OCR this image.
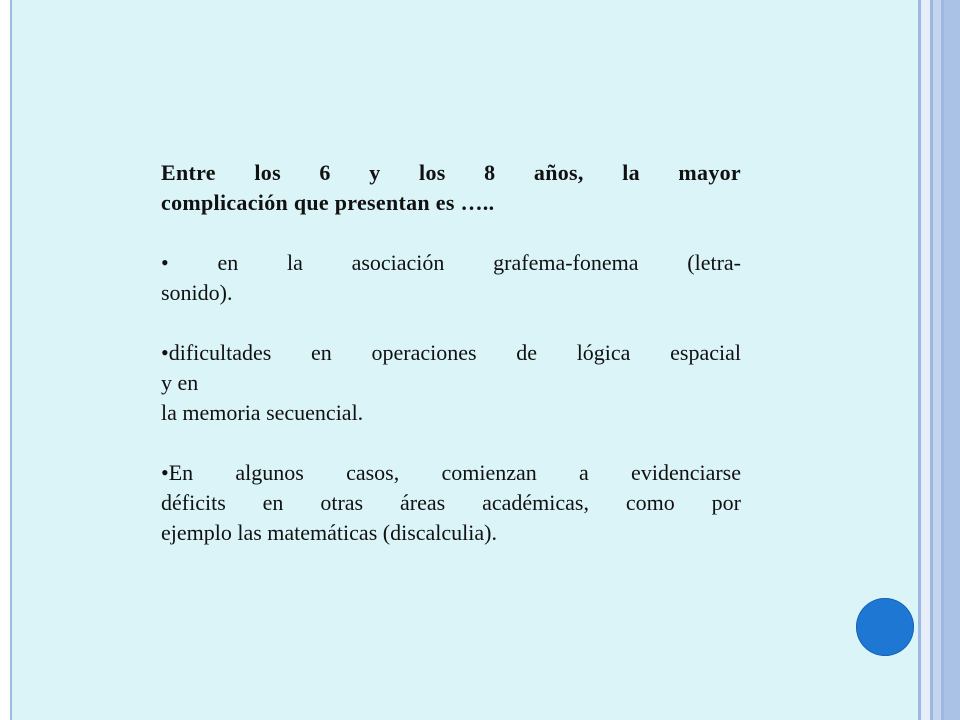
Entre los 6 y los 8 años, la mayor

complicación que presentan es …..

• en la asociación grafema-fonema (letra-

sonido).

•dificultades en operaciones de lógica espacial

y en

la memoria secuencial.

•En algunos casos, comienzan a evidenciarse

déficits en otras áreas académicas, como por

ejemplo las matemáticas (discalculia).
